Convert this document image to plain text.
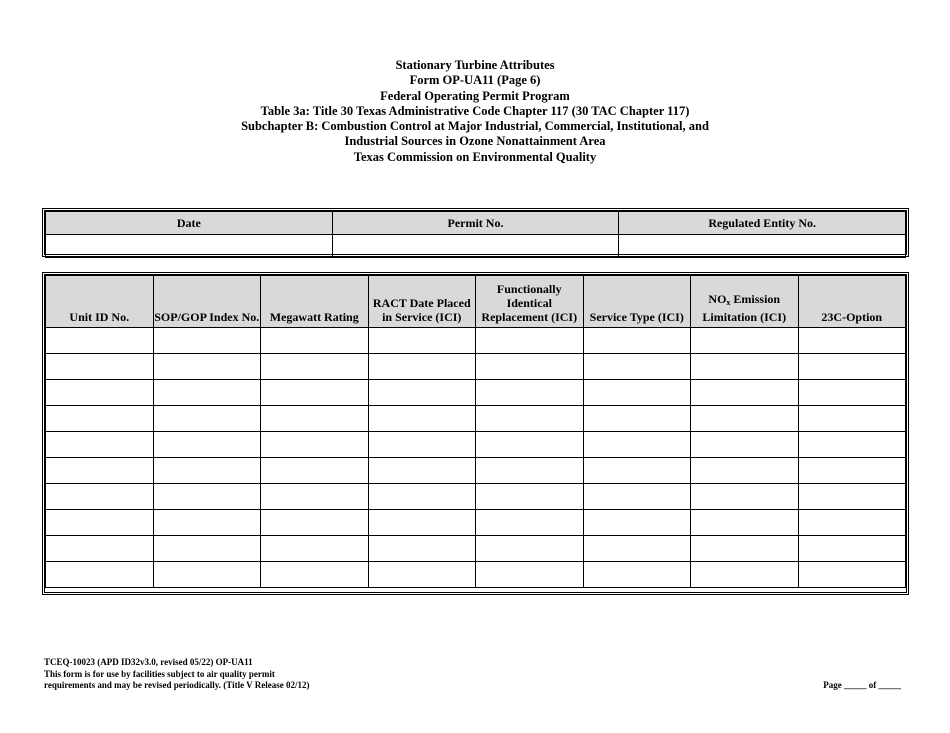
Stationary Turbine Attributes
Form OP-UA11 (Page 6)
Federal Operating Permit Program
Table 3a: Title 30 Texas Administrative Code Chapter 117 (30 TAC Chapter 117)
Subchapter B: Combustion Control at Major Industrial, Commercial, Institutional, and
Industrial Sources in Ozone Nonattainment Area
Texas Commission on Environmental Quality
Date	Permit No.	Regulated Entity No.

Unit ID No.	SOP/GOP Index No.	Megawatt Rating	RACT Date Placed in Service (ICI)	Functionally Identical Replacement (ICI)	Service Type (ICI)	$NO_x$ Emission Limitation (ICI)	23C-Option

TCEQ-10023 (APD ID32v3.0, revised 05/22) OP-UA11
This form is for use by facilities subject to air quality permit
requirements and may be revised periodically. (Title V Release 02/12)	Page _____ of _____
